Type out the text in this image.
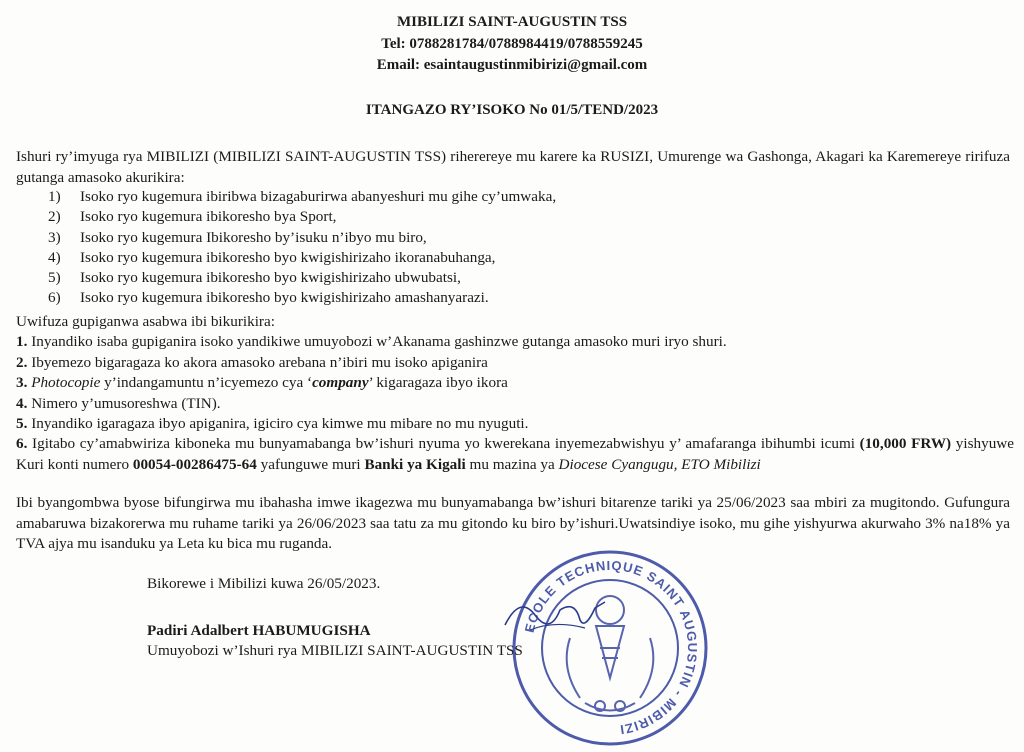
MIBILIZI SAINT-AUGUSTIN TSS
Tel: 0788281784/0788984419/0788559245
Email: esaintaugustinmibirizi@gmail.com
ITANGAZO RY’ISOKO No 01/5/TEND/2023
Ishuri ry’imyuga rya MIBILIZI (MIBILIZI SAINT-AUGUSTIN TSS) riherereye mu karere ka RUSIZI, Umurenge wa Gashonga, Akagari ka Karemereye ririfuza gutanga amasoko akurikira:
1) Isoko ryo kugemura ibiribwa bizagaburirwa abanyeshuri mu gihe cy’umwaka,
2) Isoko ryo kugemura ibikoresho bya Sport,
3) Isoko ryo kugemura Ibikoresho by’isuku n’ibyo mu biro,
4) Isoko ryo kugemura ibikoresho byo kwigishirizaho ikoranabuhanga,
5) Isoko ryo kugemura ibikoresho byo kwigishirizaho ubwubatsi,
6) Isoko ryo kugemura ibikoresho byo kwigishirizaho amashanyarazi.
Uwifuza gupiganwa asabwa ibi bikurikira:
1. Inyandiko isaba gupiganira isoko yandikiwe umuyobozi w’Akanama gashinzwe gutanga amasoko muri iryo shuri.
2. Ibyemezo bigaragaza ko akora amasoko arebana n’ibiri mu isoko apiganira
3. Photocopie y’indangamuntu n’icyemezo cya ‘company’ kigaragaza ibyo ikora
4. Nimero y’umusoreshwa (TIN).
5. Inyandiko igaragaza ibyo apiganira, igiciro cya kimwe mu mibare no mu nyuguti.
6. Igitabo cy’amabwiriza kiboneka mu bunyamabanga bw’ishuri nyuma yo kwerekana inyemezabwishyu y’ amafaranga ibihumbi icumi (10,000 FRW) yishyuwe Kuri konti numero 00054-00286475-64 yafunguwe muri Banki ya Kigali mu mazina ya Diocese Cyangugu, ETO Mibilizi
Ibi byangombwa byose bifungirwa mu ibahasha imwe ikagezwa mu bunyamabanga bw’ishuri bitarenze tariki ya 25/06/2023 saa mbiri za mugitondo. Gufungura amabaruwa bizakorerwa mu ruhame tariki ya 26/06/2023 saa tatu za mu gitondo ku biro by’ishuri.Uwatsindiye isoko, mu gihe yishyurwa akurwaho 3% na18% ya TVA ajya mu isanduku ya Leta ku bica mu ruganda.
Bikorewe i Mibilizi kuwa 26/05/2023.
ECOLE TECHNIQUE SAINT AUGUSTIN - MIBIRIZI
Padiri Adalbert HABUMUGISHA
Umuyobozi w’Ishuri rya MIBILIZI SAINT-AUGUSTIN TSS
